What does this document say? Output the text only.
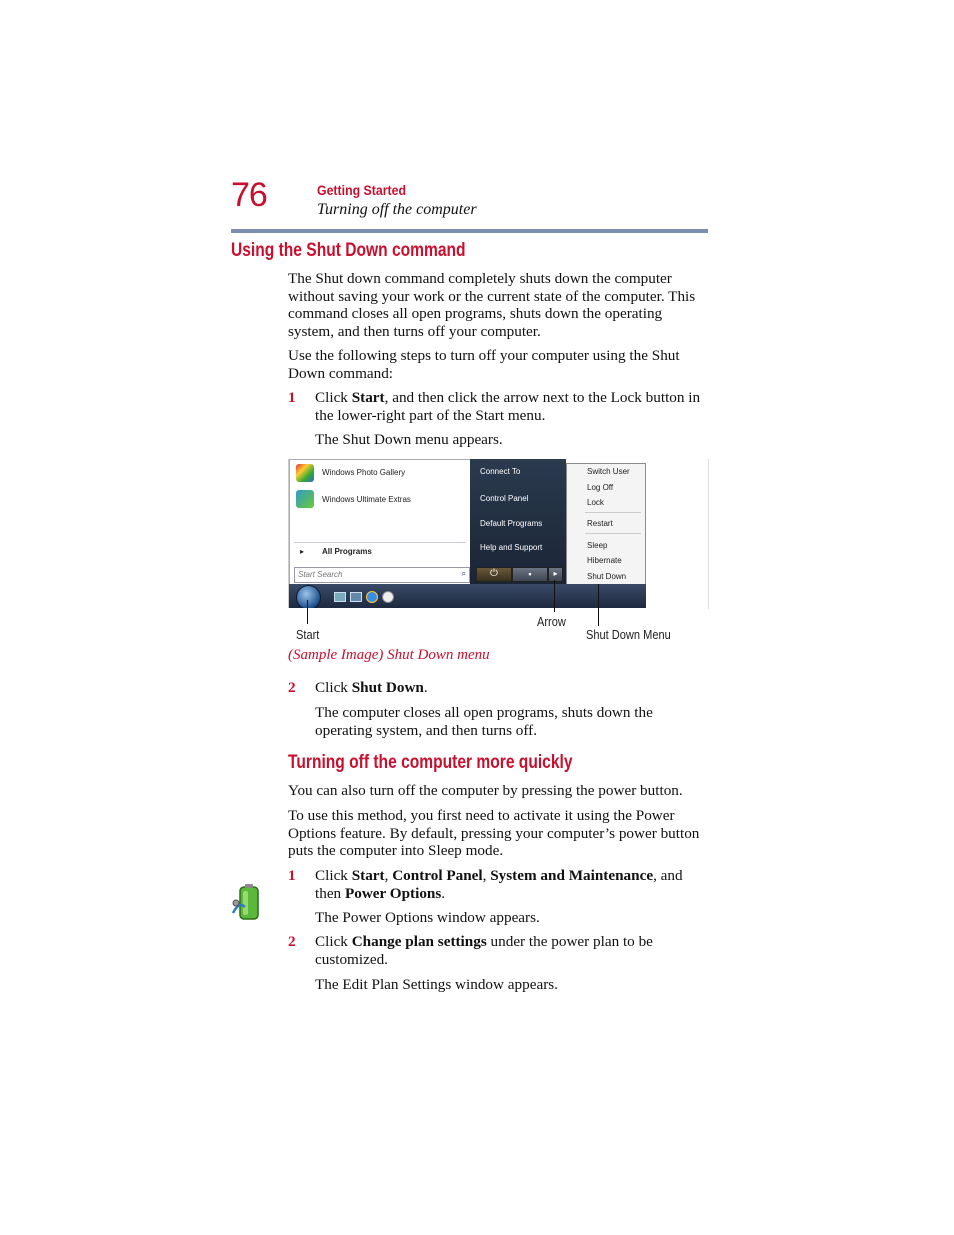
76	Getting Started
Turning off the computer
Using the Shut Down command
The Shut down command completely shuts down the computer without saving your work or the current state of the computer. This command closes all open programs, shuts down the operating system, and then turns off your computer.
Use the following steps to turn off your computer using the Shut Down command:
1 Click Start, and then click the arrow next to the Lock button in the lower-right part of the Start menu.
The Shut Down menu appears.
Windows Photo Gallery
Windows Ultimate Extras
▸ All Programs
Start Search	⌕
Connect To
Control Panel
Default Programs
Help and Support
⏻	▪	▸
Switch User
Log Off
Lock
Restart
Sleep
Hibernate
Shut Down
Start
Arrow
Shut Down Menu
(Sample Image) Shut Down menu
2 Click Shut Down.
The computer closes all open programs, shuts down the operating system, and then turns off.
Turning off the computer more quickly
You can also turn off the computer by pressing the power button.
To use this method, you first need to activate it using the Power Options feature. By default, pressing your computer’s power button puts the computer into Sleep mode.
1 Click Start, Control Panel, System and Maintenance, and then Power Options.
The Power Options window appears.
2 Click Change plan settings under the power plan to be customized.
The Edit Plan Settings window appears.
